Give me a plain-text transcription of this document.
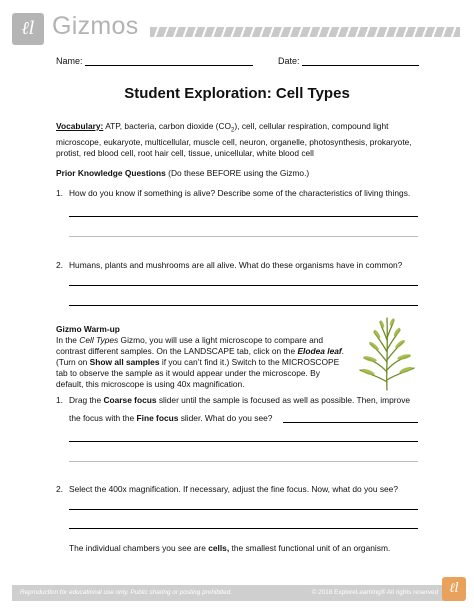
ℓl Gizmos
Name:	Date:
Student Exploration: Cell Types
Vocabulary: ATP, bacteria, carbon dioxide $(CO_2)$, cell, cellular respiration, compound light
microscope, eukaryote, multicellular, muscle cell, neuron, organelle, photosynthesis, prokaryote,
protist, red blood cell, root hair cell, tissue, unicellular, white blood cell
Prior Knowledge Questions (Do these BEFORE using the Gizmo.)
1. How do you know if something is alive? Describe some of the characteristics of living things.
2. Humans, plants and mushrooms are all alive. What do these organisms have in common?
Gizmo Warm-up
In the Cell Types Gizmo, you will use a light microscope to compare and
contrast different samples. On the LANDSCAPE tab, click on the Elodea leaf.
(Turn on Show all samples if you can’t find it.) Switch to the MICROSCOPE
tab to observe the sample as it would appear under the microscope. By
default, this microscope is using 40x magnification.
1. Drag the Coarse focus slider until the sample is focused as well as possible. Then, improve
the focus with the Fine focus slider. What do you see?
2. Select the 400x magnification. If necessary, adjust the fine focus. Now, what do you see?
The individual chambers you see are cells, the smallest functional unit of an organism.
Reproduction for educational use only. Public sharing or posting prohibited.	© 2018 ExploreLearning® All rights reserved ℓl
